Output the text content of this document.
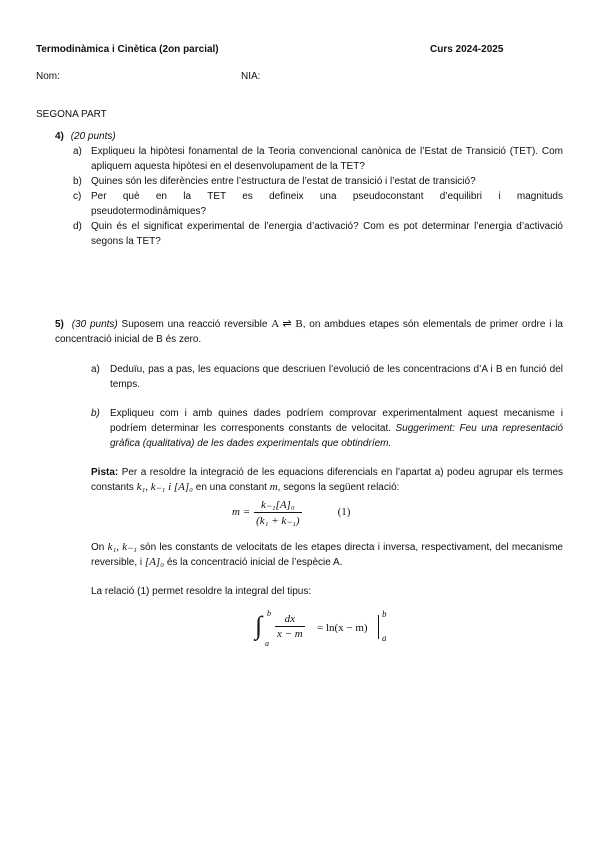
Termodinàmica i Cinètica (2on parcial)	Curs 2024-2025
Nom:	NIA:
SEGONA PART
4) (20 punts)
a) Expliqueu la hipòtesi fonamental de la Teoria convencional canònica de l’Estat de Transició (TET). Com apliquem aquesta hipòtesi en el desenvolupament de la TET?
b) Quines són les diferències entre l’estructura de l’estat de transició i l’estat de transició?
c) Per què en la TET es defineix una pseudoconstant d’equilibri i magnituds pseudotermodinàmiques?
d) Quin és el significat experimental de l’energia d’activació? Com es pot determinar l’energia d’activació segons la TET?
5) (30 punts) Suposem una reacció reversible A ⇌ B, on ambdues etapes són elementals de primer ordre i la concentració inicial de B és zero.
a) Deduïu, pas a pas, les equacions que descriuen l’evolució de les concentracions d’A i B en funció del temps.
b) Expliqueu com i amb quines dades podríem comprovar experimentalment aquest mecanisme i podríem determinar les corresponents constants de velocitat. Suggeriment: Feu una representació gràfica (qualitativa) de les dades experimentals que obtindríem.
Pista: Per a resoldre la integració de les equacions diferencials en l’apartat a) podeu agrupar els termes constants k₁, k₋₁ i [A]₀ en una constant m, segons la següent relació:
$m = \frac{\text{k₋₁[A]₀}}{\text{(k₁ + k₋₁)}}$	(1)
On k₁, k₋₁ són les constants de velocitats de les etapes directa i inversa, respectivament, del mecanisme reversible, i [A]₀ és la concentració inicial de l’espècie A.
La relació (1) permet resoldre la integral del tipus:
∫ b
a
$\frac{dx}{x - m} = \ln(x - m)$
b
a
